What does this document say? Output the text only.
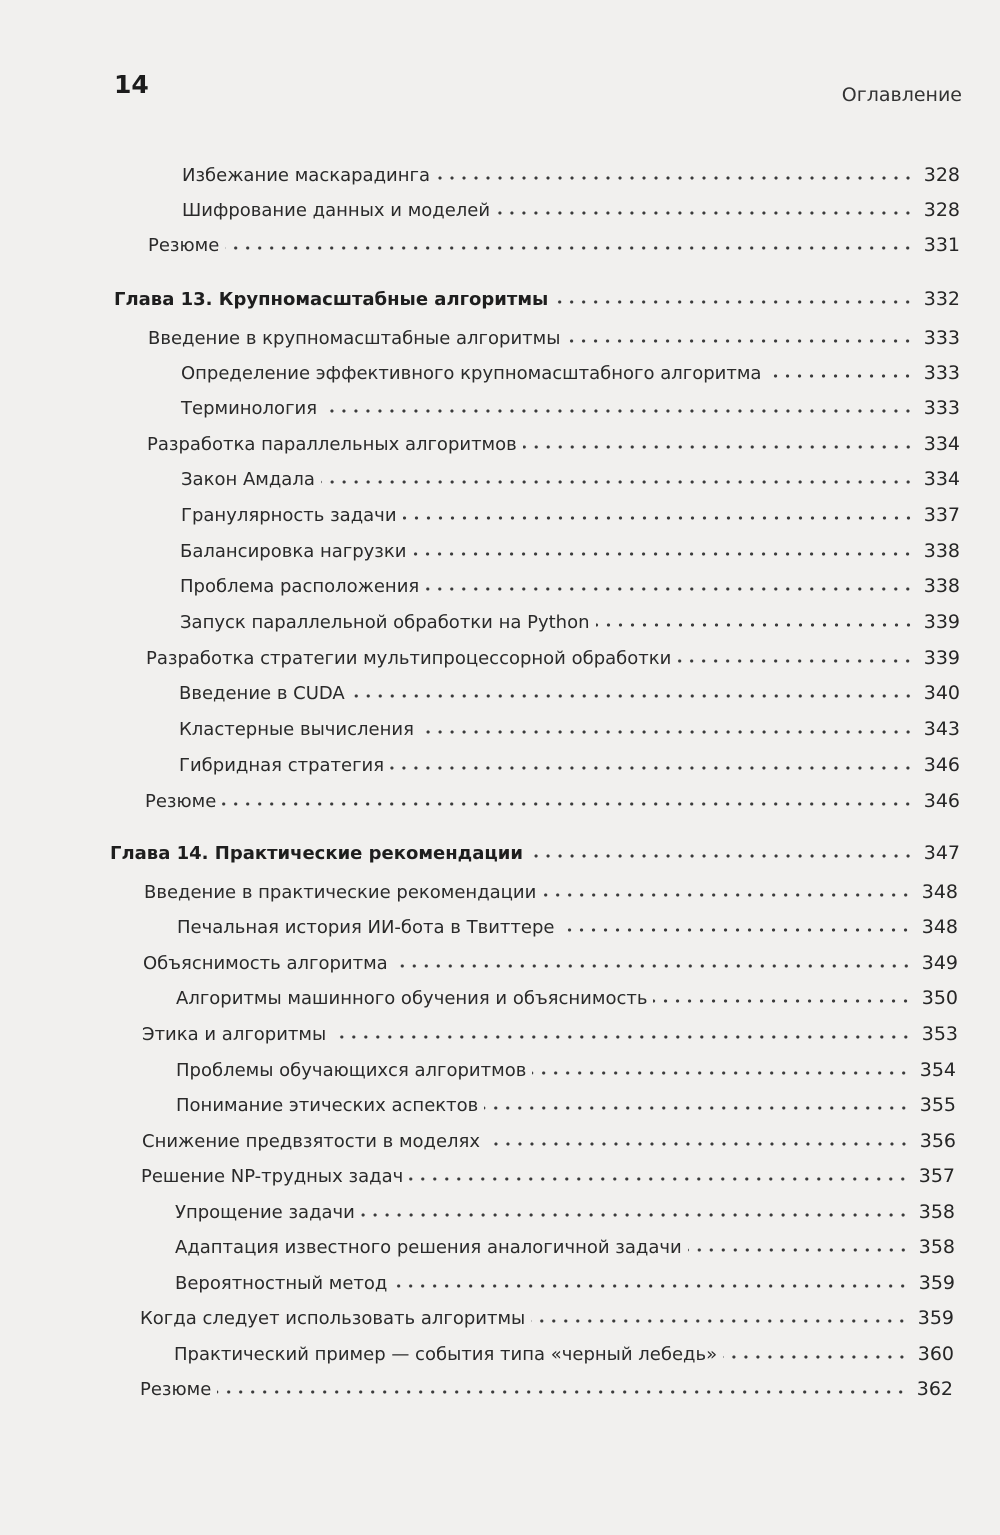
14	Оглавление
Избежание маскарадинга	328
Шифрование данных и моделей	328
Резюме	331
Глава 13. Крупномасштабные алгоритмы	332
Введение в крупномасштабные алгоритмы	333
Определение эффективного крупномасштабного алгоритма	333
Терминология	333
Разработка параллельных алгоритмов	334
Закон Амдала	334
Гранулярность задачи	337
Балансировка нагрузки	338
Проблема расположения	338
Запуск параллельной обработки на Python	339
Разработка стратегии мультипроцессорной обработки	339
Введение в CUDA	340
Кластерные вычисления	343
Гибридная стратегия	346
Резюме	346
Глава 14. Практические рекомендации	347
Введение в практические рекомендации	348
Печальная история ИИ-бота в Твиттере	348
Объяснимость алгоритма	349
Алгоритмы машинного обучения и объяснимость	350
Этика и алгоритмы	353
Проблемы обучающихся алгоритмов	354
Понимание этических аспектов	355
Снижение предвзятости в моделях	356
Решение NP-трудных задач	357
Упрощение задачи	358
Адаптация известного решения аналогичной задачи	358
Вероятностный метод	359
Когда следует использовать алгоритмы	359
Практический пример — события типа «черный лебедь»	360
Резюме	362
